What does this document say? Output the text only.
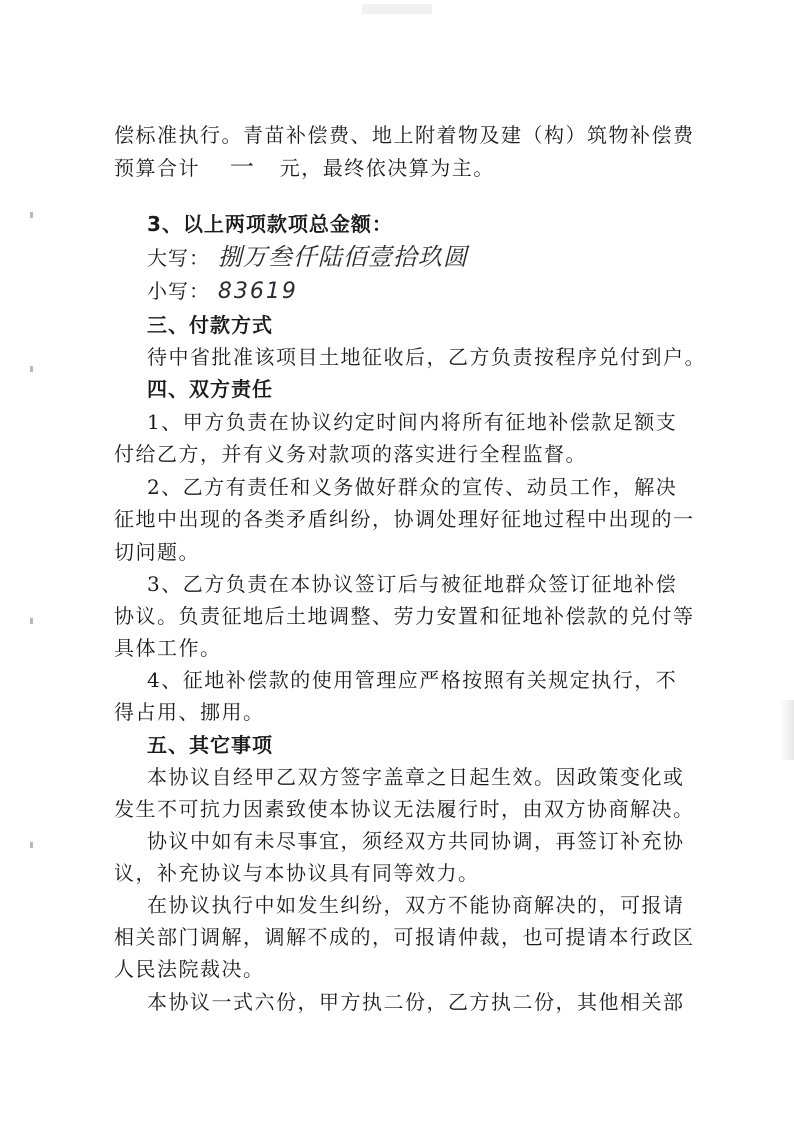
偿标准执行。青苗补偿费、地上附着物及建（构）筑物补偿费
预算合计 一 元，最终依决算为主。
3、以上两项款项总金额：
大写： 捌万叁仟陆佰壹拾玖圆
小写： 83619
三、付款方式
待中省批准该项目土地征收后，乙方负责按程序兑付到户。
四、双方责任
1、甲方负责在协议约定时间内将所有征地补偿款足额支
付给乙方，并有义务对款项的落实进行全程监督。
2、乙方有责任和义务做好群众的宣传、动员工作，解决
征地中出现的各类矛盾纠纷，协调处理好征地过程中出现的一
切问题。
3、乙方负责在本协议签订后与被征地群众签订征地补偿
协议。负责征地后土地调整、劳力安置和征地补偿款的兑付等
具体工作。
4、征地补偿款的使用管理应严格按照有关规定执行，不
得占用、挪用。
五、其它事项
本协议自经甲乙双方签字盖章之日起生效。因政策变化或
发生不可抗力因素致使本协议无法履行时，由双方协商解决。
协议中如有未尽事宜，须经双方共同协调，再签订补充协
议，补充协议与本协议具有同等效力。
在协议执行中如发生纠纷，双方不能协商解决的，可报请
相关部门调解，调解不成的，可报请仲裁，也可提请本行政区
人民法院裁决。
本协议一式六份，甲方执二份，乙方执二份，其他相关部
